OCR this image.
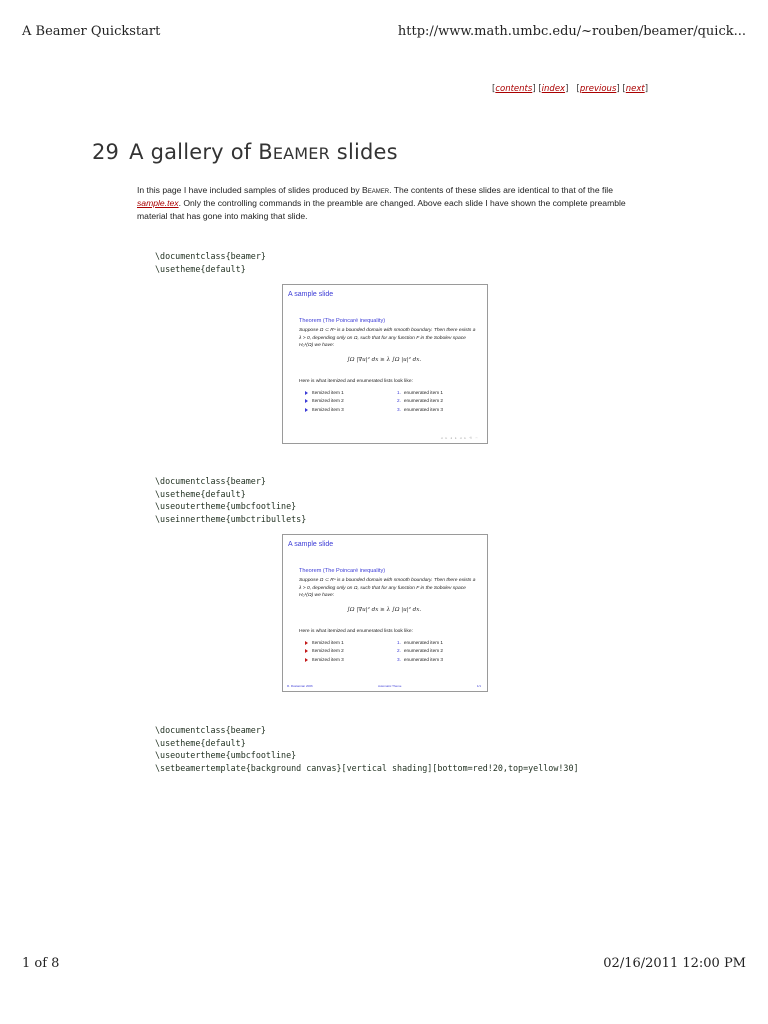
A Beamer Quickstart	http://www.math.umbc.edu/~rouben/beamer/quick...
[contents] [index] [previous] [next]
29 A gallery of BEAMER slides
In this page I have included samples of slides produced by Beamer. The contents of these slides are identical to that of the file sample.tex. Only the controlling commands in the preamble are changed. Above each slide I have shown the complete preamble material that has gone into making that slide.
\documentclass{beamer}
\usetheme{default}
A sample slide
Theorem (The Poincaré inequality)
Suppose Ω ⊂ Rⁿ is a bounded domain with smooth boundary. Then there exists a λ > 0, depending only on Ω, such that for any function F in the Sobolev space H₀¹(Ω) we have:
∫Ω |∇u|² dx ≥ λ ∫Ω |u|² dx.
Here is what itemized and enumerated lists look like:
Itemized item 1
Itemized item 2
Itemized item 3
1. enumerated item 1
2. enumerated item 2
3. enumerated item 3
◂ ▸ ◂ ▸ ◂ ▸ ⟲ ∽
\documentclass{beamer}
\usetheme{default}
\useoutertheme{umbcfootline}
\useinnertheme{umbctribullets}
A sample slide
Theorem (The Poincaré inequality)
Suppose Ω ⊂ Rⁿ is a bounded domain with smooth boundary. Then there exists a λ > 0, depending only on Ω, such that for any function F in the Sobolev space H₀¹(Ω) we have:
∫Ω |∇u|² dx ≥ λ ∫Ω |u|² dx.
Here is what itemized and enumerated lists look like:
Itemized item 1
Itemized item 2
Itemized item 3
1. enumerated item 1
2. enumerated item 2
3. enumerated item 3
R. Rostamian 2006	Automatic Theme	1/1
\documentclass{beamer}
\usetheme{default}
\useoutertheme{umbcfootline}
\setbeamertemplate{background canvas}[vertical shading][bottom=red!20,top=yellow!30]
1 of 8	02/16/2011 12:00 PM
